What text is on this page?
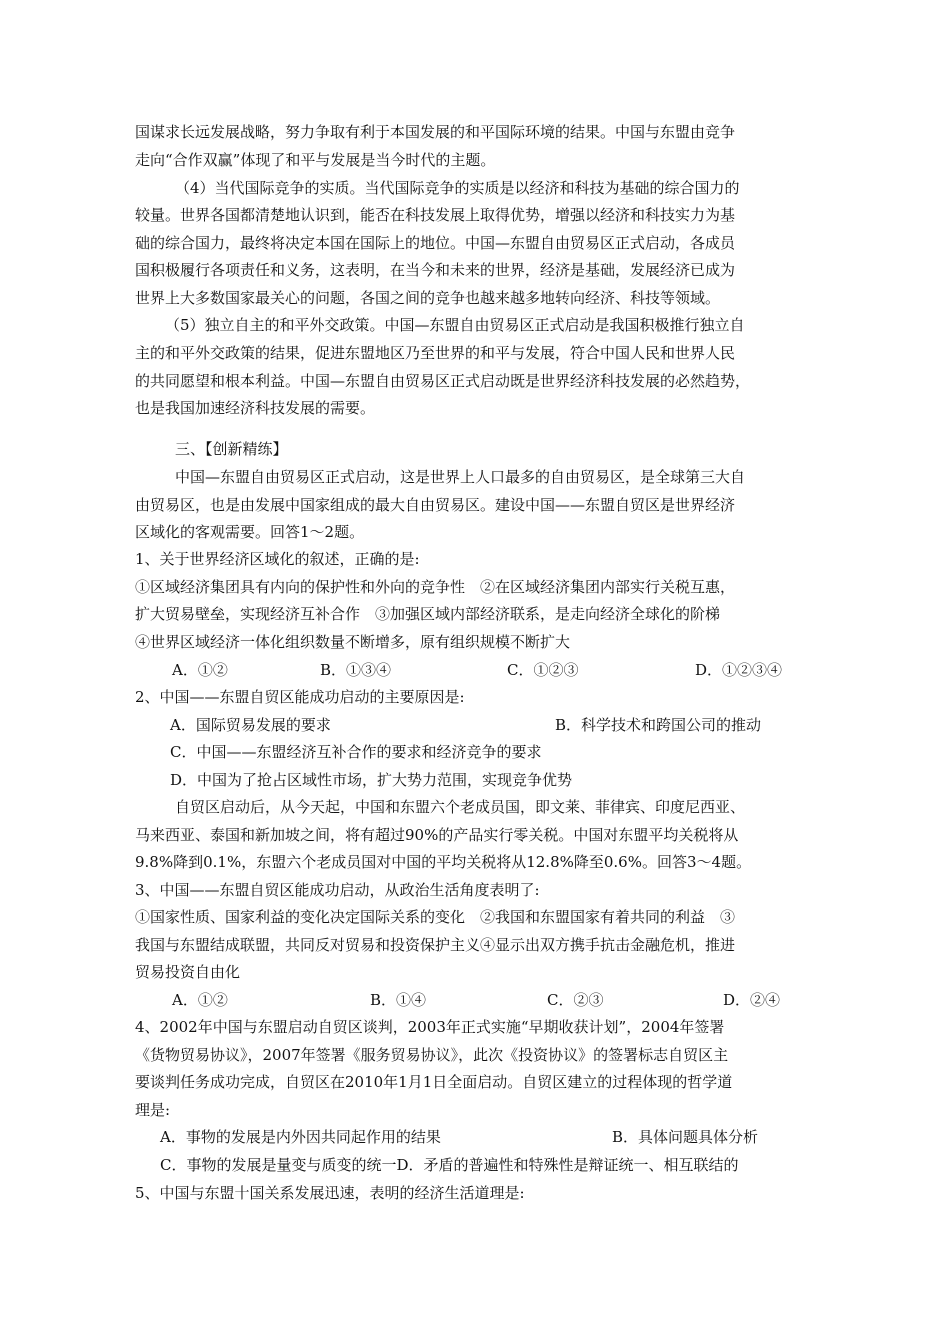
国谋求长远发展战略，努力争取有利于本国发展的和平国际环境的结果。中国与东盟由竞争
走向“合作双赢”体现了和平与发展是当今时代的主题。
（4）当代国际竞争的实质。当代国际竞争的实质是以经济和科技为基础的综合国力的
较量。世界各国都清楚地认识到，能否在科技发展上取得优势，增强以经济和科技实力为基
础的综合国力，最终将决定本国在国际上的地位。中国—东盟自由贸易区正式启动，各成员
国积极履行各项责任和义务，这表明，在当今和未来的世界，经济是基础，发展经济已成为
世界上大多数国家最关心的问题，各国之间的竞争也越来越多地转向经济、科技等领域。
（5）独立自主的和平外交政策。中国—东盟自由贸易区正式启动是我国积极推行独立自
主的和平外交政策的结果，促进东盟地区乃至世界的和平与发展，符合中国人民和世界人民
的共同愿望和根本利益。中国—东盟自由贸易区正式启动既是世界经济科技发展的必然趋势，
也是我国加速经济科技发展的需要。
三、【创新精练】
中国—东盟自由贸易区正式启动，这是世界上人口最多的自由贸易区，是全球第三大自
由贸易区，也是由发展中国家组成的最大自由贸易区。建设中国——东盟自贸区是世界经济
区域化的客观需要。回答1～2题。
1、关于世界经济区域化的叙述，正确的是:
①区域经济集团具有内向的保护性和外向的竞争性　②在区域经济集团内部实行关税互惠，
扩大贸易壁垒，实现经济互补合作　③加强区域内部经济联系，是走向经济全球化的阶梯
④世界区域经济一体化组织数量不断增多，原有组织规模不断扩大
A．①②	B．①③④	C．①②③	D．①②③④
2、中国——东盟自贸区能成功启动的主要原因是:
A．国际贸易发展的要求	B．科学技术和跨国公司的推动
C．中国——东盟经济互补合作的要求和经济竞争的要求
D．中国为了抢占区域性市场，扩大势力范围，实现竞争优势
自贸区启动后，从今天起，中国和东盟六个老成员国，即文莱、菲律宾、印度尼西亚、
马来西亚、泰国和新加坡之间，将有超过90%的产品实行零关税。中国对东盟平均关税将从
9.8%降到0.1%，东盟六个老成员国对中国的平均关税将从12.8%降至0.6%。回答3～4题。
3、中国——东盟自贸区能成功启动，从政治生活角度表明了:
①国家性质、国家利益的变化决定国际关系的变化　②我国和东盟国家有着共同的利益　③
我国与东盟结成联盟，共同反对贸易和投资保护主义④显示出双方携手抗击金融危机，推进
贸易投资自由化
A．①②	B．①④	C．②③	D．②④
4、2002年中国与东盟启动自贸区谈判，2003年正式实施“早期收获计划”，2004年签署
《货物贸易协议》，2007年签署《服务贸易协议》，此次《投资协议》的签署标志自贸区主
要谈判任务成功完成，自贸区在2010年1月1日全面启动。自贸区建立的过程体现的哲学道
理是:
A．事物的发展是内外因共同起作用的结果	B．具体问题具体分析
C．事物的发展是量变与质变的统一D．矛盾的普遍性和特殊性是辩证统一、相互联结的
5、中国与东盟十国关系发展迅速，表明的经济生活道理是:
